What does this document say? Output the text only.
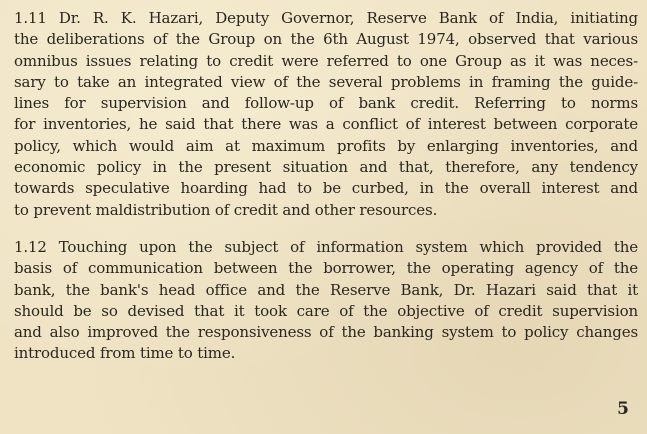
1.11 Dr. R. K. Hazari, Deputy Governor, Reserve Bank of India, initiating
the deliberations of the Group on the 6th August 1974, observed that various
omnibus issues relating to credit were referred to one Group as it was neces-
sary to take an integrated view of the several problems in framing the guide-
lines for supervision and follow-up of bank credit. Referring to norms
for inventories, he said that there was a conflict of interest between corporate
policy, which would aim at maximum profits by enlarging inventories, and
economic policy in the present situation and that, therefore, any tendency
towards speculative hoarding had to be curbed, in the overall interest and
to prevent maldistribution of credit and other resources.

1.12 Touching upon the subject of information system which provided the
basis of communication between the borrower, the operating agency of the
bank, the bank's head office and the Reserve Bank, Dr. Hazari said that it
should be so devised that it took care of the objective of credit supervision
and also improved the responsiveness of the banking system to policy changes
introduced from time to time.

5
